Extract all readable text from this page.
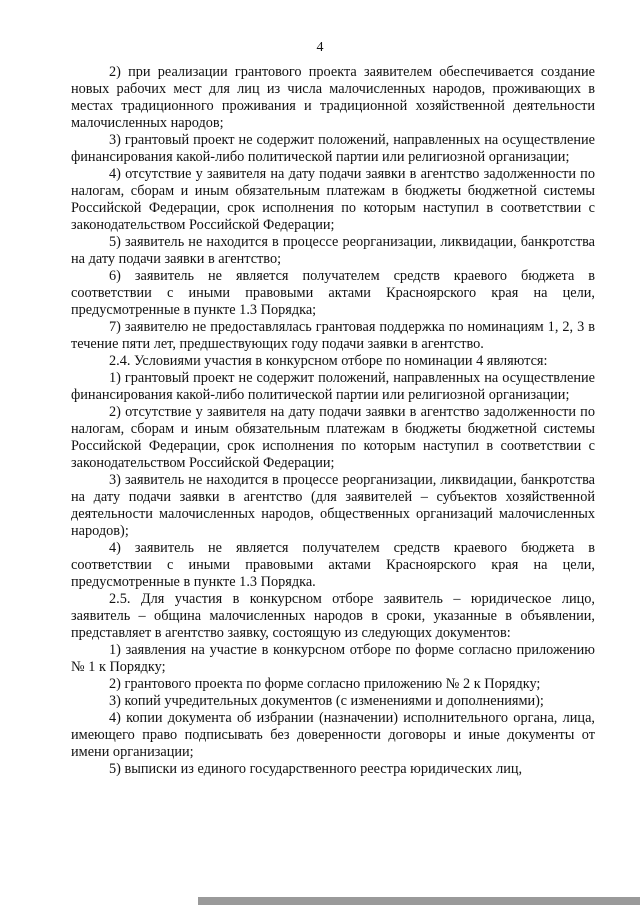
4

2) при реализации грантового проекта заявителем обеспечивается создание новых рабочих мест для лиц из числа малочисленных народов, проживающих в местах традиционного проживания и традиционной хозяйственной деятельности малочисленных народов;

3) грантовый проект не содержит положений, направленных на осуществление финансирования какой-либо политической партии или религиозной организации;

4) отсутствие у заявителя на дату подачи заявки в агентство задолженности по налогам, сборам и иным обязательным платежам в бюджеты бюджетной системы Российской Федерации, срок исполнения по которым наступил в соответствии с законодательством Российской Федерации;

5) заявитель не находится в процессе реорганизации, ликвидации, банкротства на дату подачи заявки в агентство;

6) заявитель не является получателем средств краевого бюджета в соответствии с иными правовыми актами Красноярского края на цели, предусмотренные в пункте 1.3 Порядка;

7) заявителю не предоставлялась грантовая поддержка по номинациям 1, 2, 3 в течение пяти лет, предшествующих году подачи заявки в агентство.

2.4. Условиями участия в конкурсном отборе по номинации 4 являются:

1) грантовый проект не содержит положений, направленных на осуществление финансирования какой-либо политической партии или религиозной организации;

2) отсутствие у заявителя на дату подачи заявки в агентство задолженности по налогам, сборам и иным обязательным платежам в бюджеты бюджетной системы Российской Федерации, срок исполнения по которым наступил в соответствии с законодательством Российской Федерации;

3) заявитель не находится в процессе реорганизации, ликвидации, банкротства на дату подачи заявки в агентство (для заявителей – субъектов хозяйственной деятельности малочисленных народов, общественных организаций малочисленных народов);

4) заявитель не является получателем средств краевого бюджета в соответствии с иными правовыми актами Красноярского края на цели, предусмотренные в пункте 1.3 Порядка.

2.5. Для участия в конкурсном отборе заявитель – юридическое лицо, заявитель – община малочисленных народов в сроки, указанные в объявлении, представляет в агентство заявку, состоящую из следующих документов:

1) заявления на участие в конкурсном отборе по форме согласно приложению № 1 к Порядку;

2) грантового проекта по форме согласно приложению № 2 к Порядку;

3) копий учредительных документов (с изменениями и дополнениями);

4) копии документа об избрании (назначении) исполнительного органа, лица, имеющего право подписывать без доверенности договоры и иные документы от имени организации;

5) выписки из единого государственного реестра юридических лиц,
